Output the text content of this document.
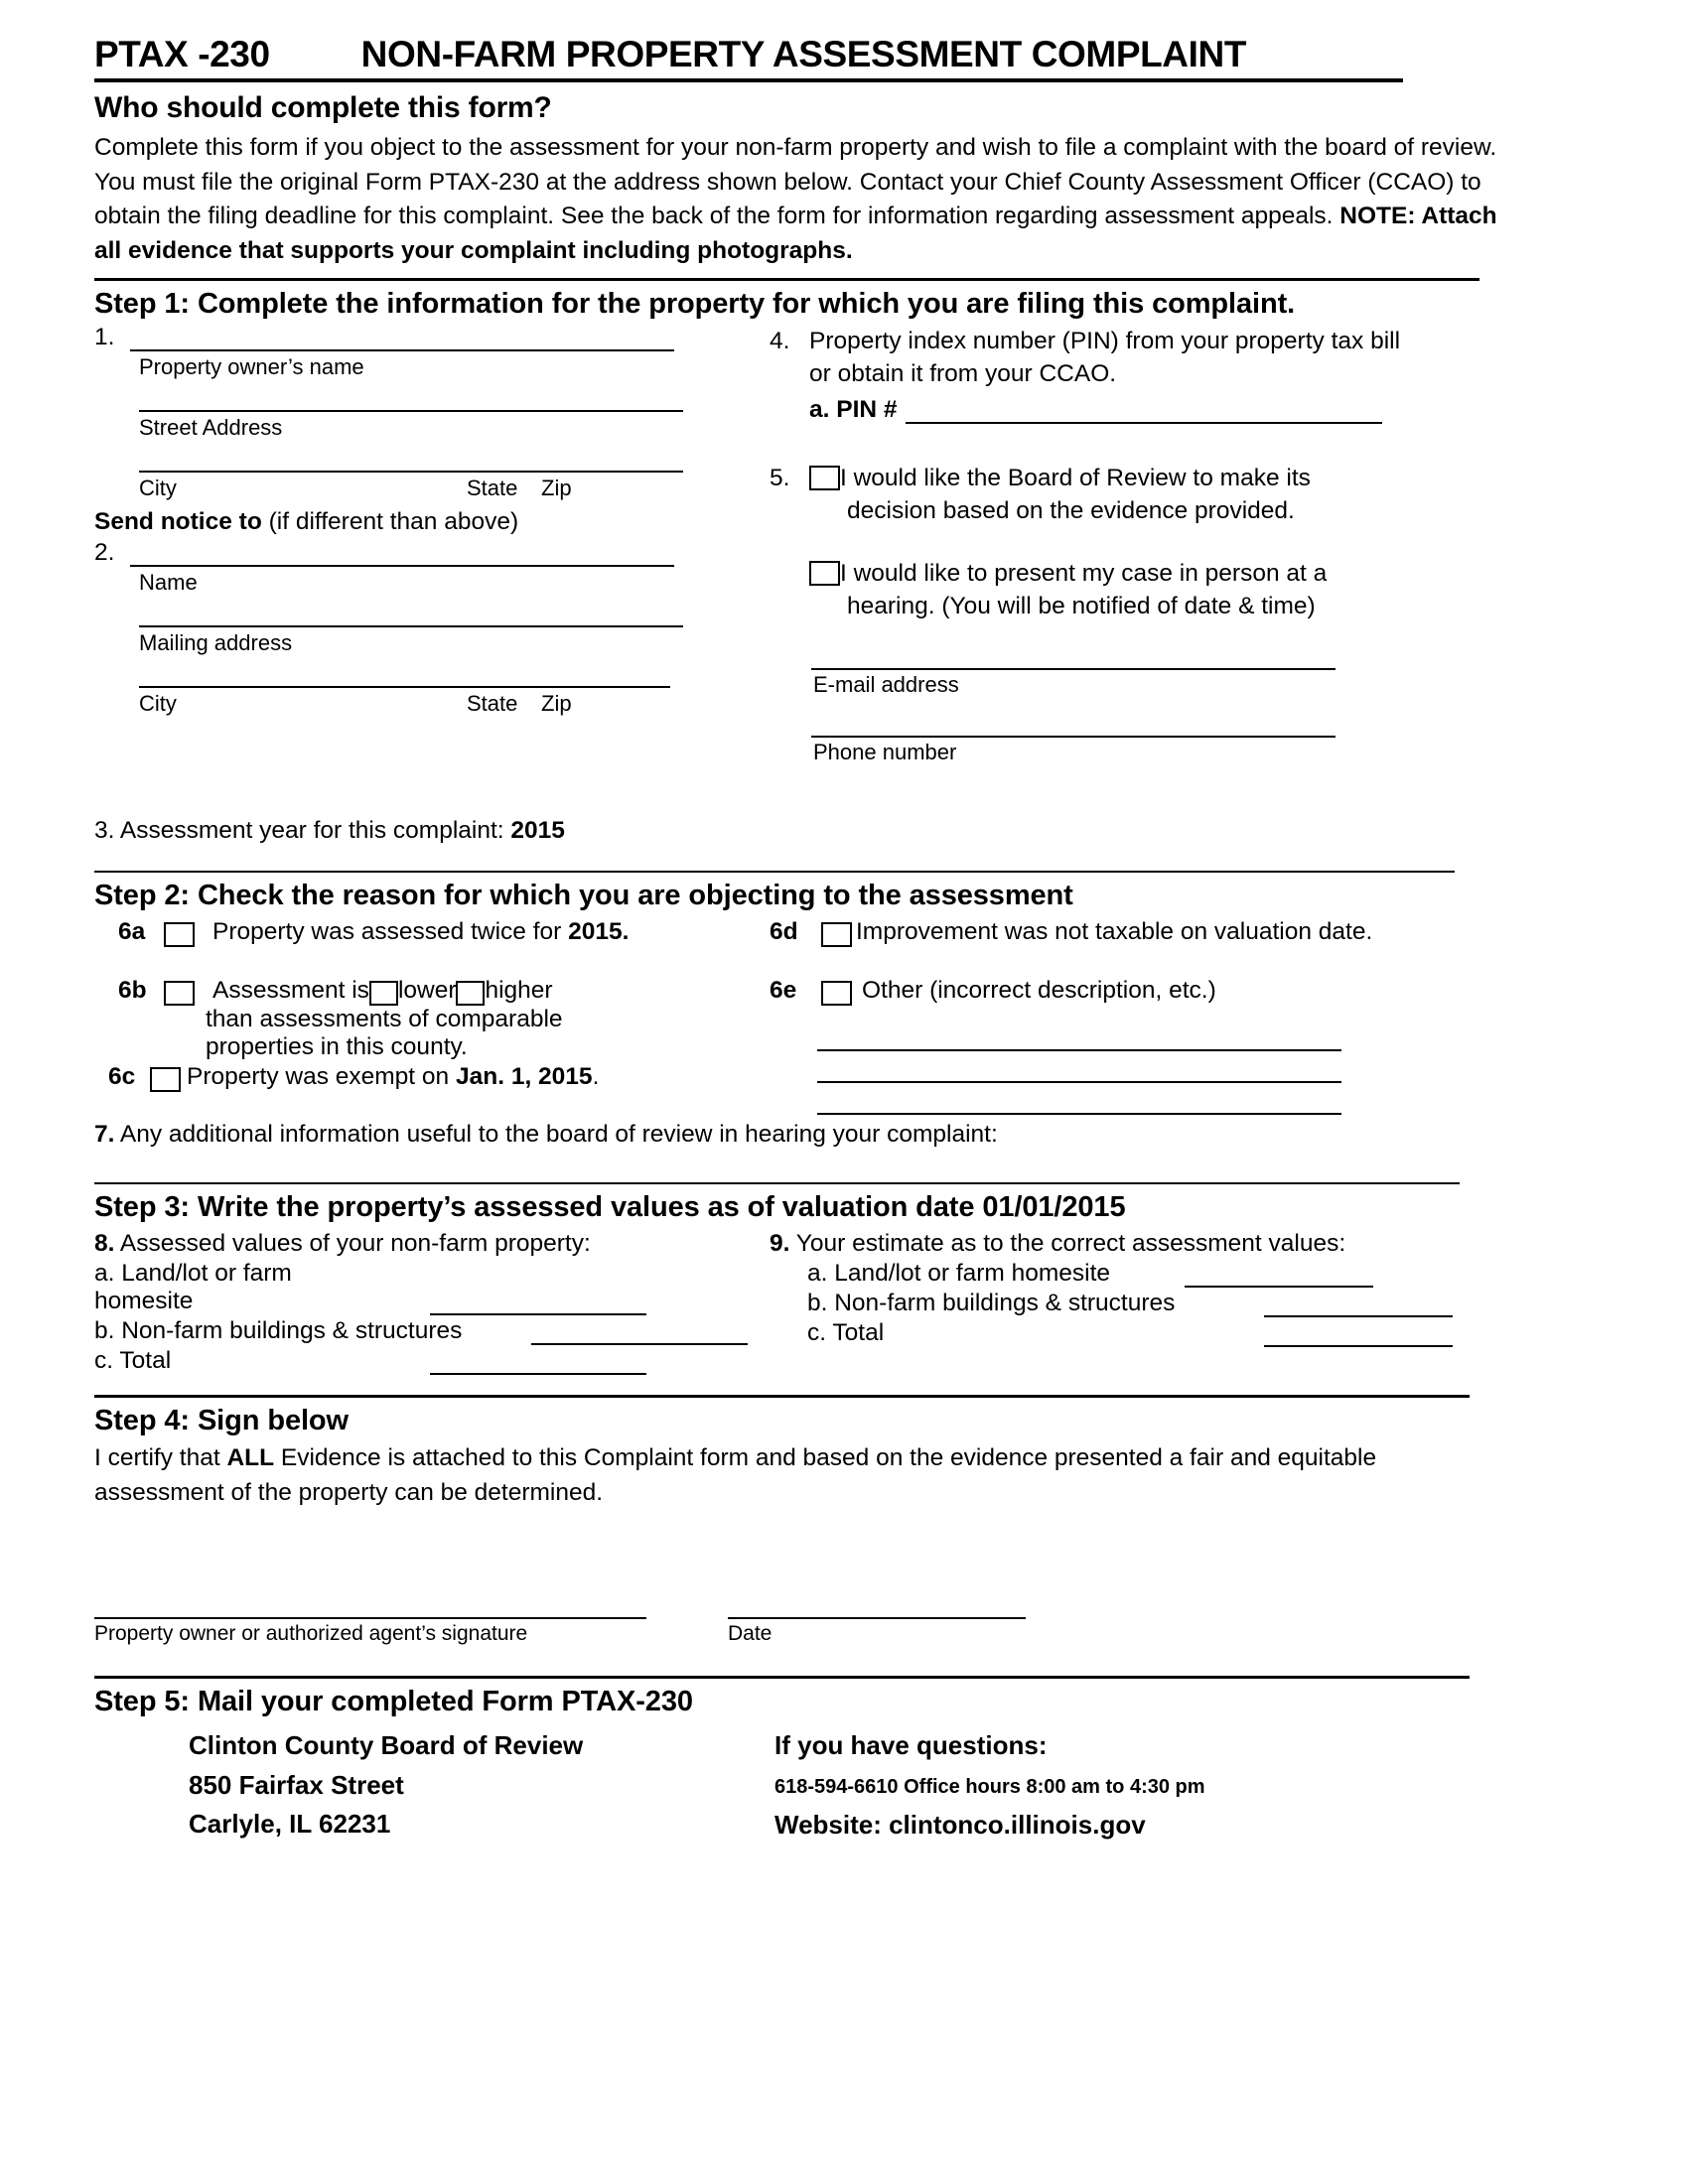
PTAX -230 NON-FARM PROPERTY ASSESSMENT COMPLAINT
Who should complete this form?
Complete this form if you object to the assessment for your non-farm property and wish to file a complaint with the board of review. You must file the original Form PTAX-230 at the address shown below. Contact your Chief County Assessment Officer (CCAO) to obtain the filing deadline for this complaint. See the back of the form for information regarding assessment appeals. NOTE: Attach all evidence that supports your complaint including photographs.
Step 1: Complete the information for the property for which you are filing this complaint.
1.
Property owner’s name
Street Address
City	State	Zip
Send notice to (if different than above)
2.
Name
Mailing address
City	State	Zip
4. Property index number (PIN) from your property tax bill
or obtain it from your CCAO.
a. PIN #
5.	I would like the Board of Review to make its
decision based on the evidence provided.
I would like to present my case in person at a
hearing. (You will be notified of date & time)
E-mail address
Phone number
3. Assessment year for this complaint: 2015
Step 2: Check the reason for which you are objecting to the assessment
6a	Property was assessed twice for 2015.
6b	Assessment is lower higher
than assessments of comparable
properties in this county.
6c	Property was exempt on Jan. 1, 2015.
6d	Improvement was not taxable on valuation date.
6e	Other (incorrect description, etc.)
7. Any additional information useful to the board of review in hearing your complaint:
Step 3: Write the property’s assessed values as of valuation date 01/01/2015
8. Assessed values of your non-farm property:
a. Land/lot or farm homesite
b. Non-farm buildings & structures
c. Total
9. Your estimate as to the correct assessment values:
a. Land/lot or farm homesite
b. Non-farm buildings & structures
c. Total
Step 4: Sign below
I certify that ALL Evidence is attached to this Complaint form and based on the evidence presented a fair and equitable assessment of the property can be determined.
Property owner or authorized agent’s signature	Date
Step 5: Mail your completed Form PTAX-230
Clinton County Board of Review
850 Fairfax Street
Carlyle, IL 62231
If you have questions:
618-594-6610 Office hours 8:00 am to 4:30 pm
Website: clintonco.illinois.gov
